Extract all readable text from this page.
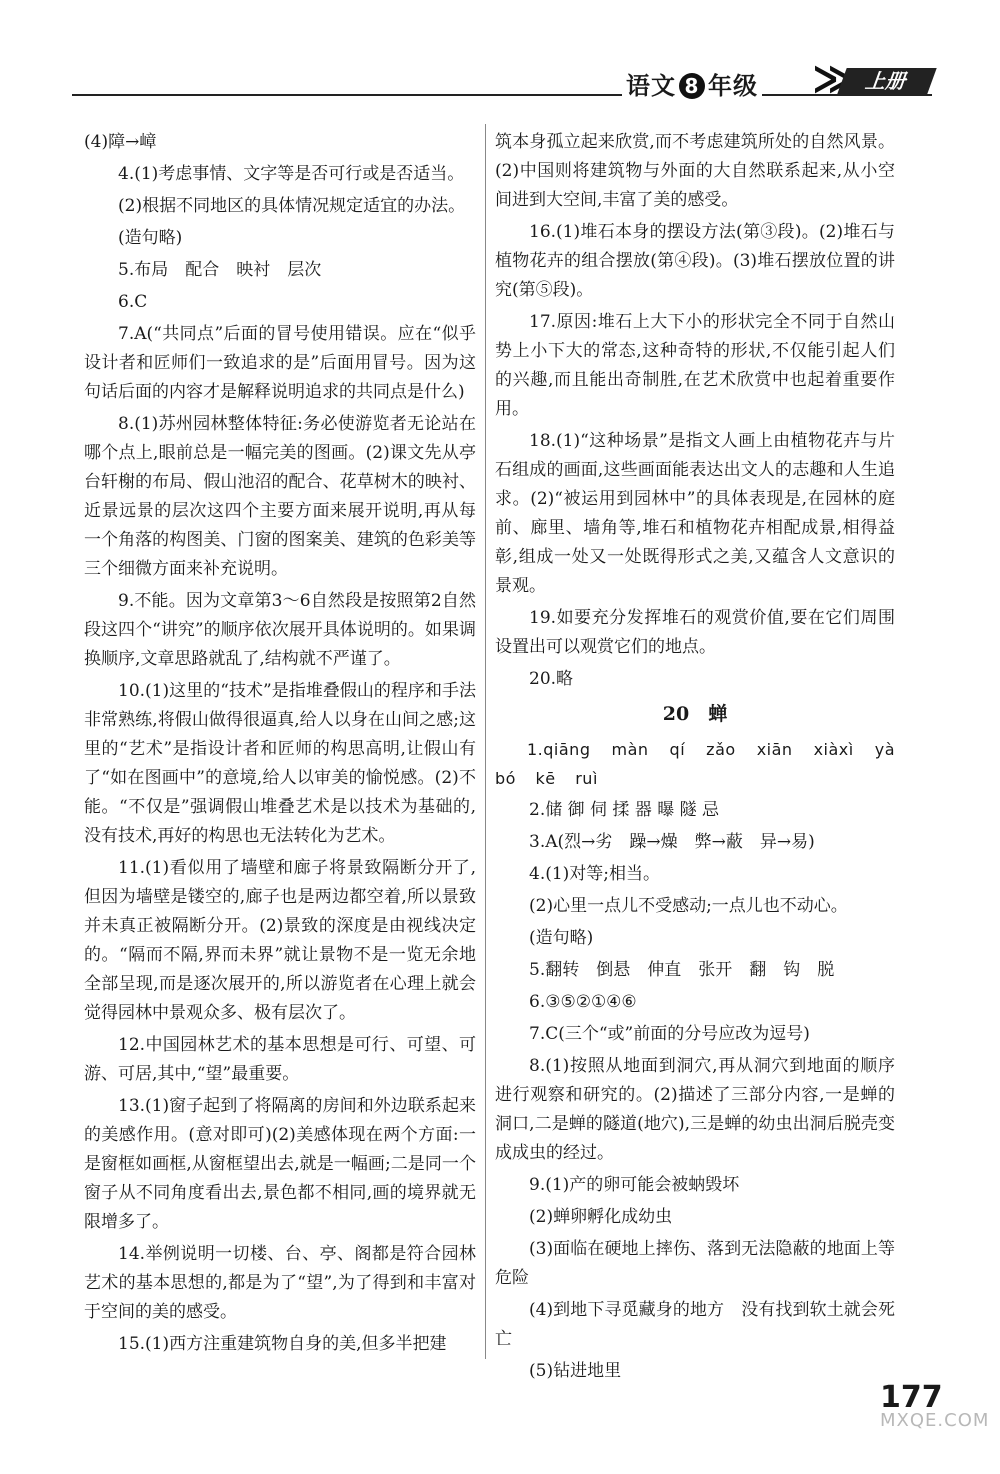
语文 8 年级 ≫	上册

(4)障→嶂

4.(1)考虑事情、文字等是否可行或是否适当。

(2)根据不同地区的具体情况规定适宜的办法。

(造句略)

5.布局　配合　映衬　层次

6.C

7.A(“共同点”后面的冒号使用错误。应在“似乎设计者和匠师们一致追求的是”后面用冒号。因为这句话后面的内容才是解释说明追求的共同点是什么)

8.(1)苏州园林整体特征:务必使游览者无论站在哪个点上,眼前总是一幅完美的图画。(2)课文先从亭台轩榭的布局、假山池沼的配合、花草树木的映衬、近景远景的层次这四个主要方面来展开说明,再从每一个角落的构图美、门窗的图案美、建筑的色彩美等三个细微方面来补充说明。

9.不能。因为文章第3～6自然段是按照第2自然段这四个“讲究”的顺序依次展开具体说明的。如果调换顺序,文章思路就乱了,结构就不严谨了。

10.(1)这里的“技术”是指堆叠假山的程序和手法非常熟练,将假山做得很逼真,给人以身在山间之感;这里的“艺术”是指设计者和匠师的构思高明,让假山有了“如在图画中”的意境,给人以审美的愉悦感。(2)不能。“不仅是”强调假山堆叠艺术是以技术为基础的,没有技术,再好的构思也无法转化为艺术。

11.(1)看似用了墙壁和廊子将景致隔断分开了,但因为墙壁是镂空的,廊子也是两边都空着,所以景致并未真正被隔断分开。(2)景致的深度是由视线决定的。“隔而不隔,界而未界”就让景物不是一览无余地全部呈现,而是逐次展开的,所以游览者在心理上就会觉得园林中景观众多、极有层次了。

12.中国园林艺术的基本思想是可行、可望、可游、可居,其中,“望”最重要。

13.(1)窗子起到了将隔离的房间和外边联系起来的美感作用。(意对即可)(2)美感体现在两个方面:一是窗框如画框,从窗框望出去,就是一幅画;二是同一个窗子从不同角度看出去,景色都不相同,画的境界就无限增多了。

14.举例说明一切楼、台、亭、阁都是符合园林艺术的基本思想的,都是为了“望”,为了得到和丰富对于空间的美的感受。

15.(1)西方注重建筑物自身的美,但多半把建

筑本身孤立起来欣赏,而不考虑建筑所处的自然风景。(2)中国则将建筑物与外面的大自然联系起来,从小空间进到大空间,丰富了美的感受。

16.(1)堆石本身的摆设方法(第③段)。(2)堆石与植物花卉的组合摆放(第④段)。(3)堆石摆放位置的讲究(第⑤段)。

17.原因:堆石上大下小的形状完全不同于自然山势上小下大的常态,这种奇特的形状,不仅能引起人们的兴趣,而且能出奇制胜,在艺术欣赏中也起着重要作用。

18.(1)“这种场景”是指文人画上由植物花卉与片石组成的画面,这些画面能表达出文人的志趣和人生追求。(2)“被运用到园林中”的具体表现是,在园林的庭前、廊里、墙角等,堆石和植物花卉相配成景,相得益彰,组成一处又一处既得形式之美,又蕴含人文意识的景观。

19.如要充分发挥堆石的观赏价值,要在它们周围设置出可以观赏它们的地点。

20.略

20　蝉

1.qiāng màn qí zǎo xiān xiàxì yà bó kē ruì

2.储 御 伺 揉 器 曝 隧 忌

3.A(烈→劣　躁→燥　弊→蔽　异→易)

4.(1)对等;相当。

(2)心里一点儿不受感动;一点儿也不动心。

(造句略)

5.翻转　倒悬　伸直　张开　翻　钩　脱

6.③⑤②①④⑥

7.C(三个“或”前面的分号应改为逗号)

8.(1)按照从地面到洞穴,再从洞穴到地面的顺序进行观察和研究的。(2)描述了三部分内容,一是蝉的洞口,二是蝉的隧道(地穴),三是蝉的幼虫出洞后脱壳变成成虫的经过。

9.(1)产的卵可能会被蚋毁坏

(2)蝉卵孵化成幼虫

(3)面临在硬地上摔伤、落到无法隐蔽的地面上等危险

(4)到地下寻觅藏身的地方　没有找到软土就会死亡

(5)钻进地里

177
MXQE.COM
